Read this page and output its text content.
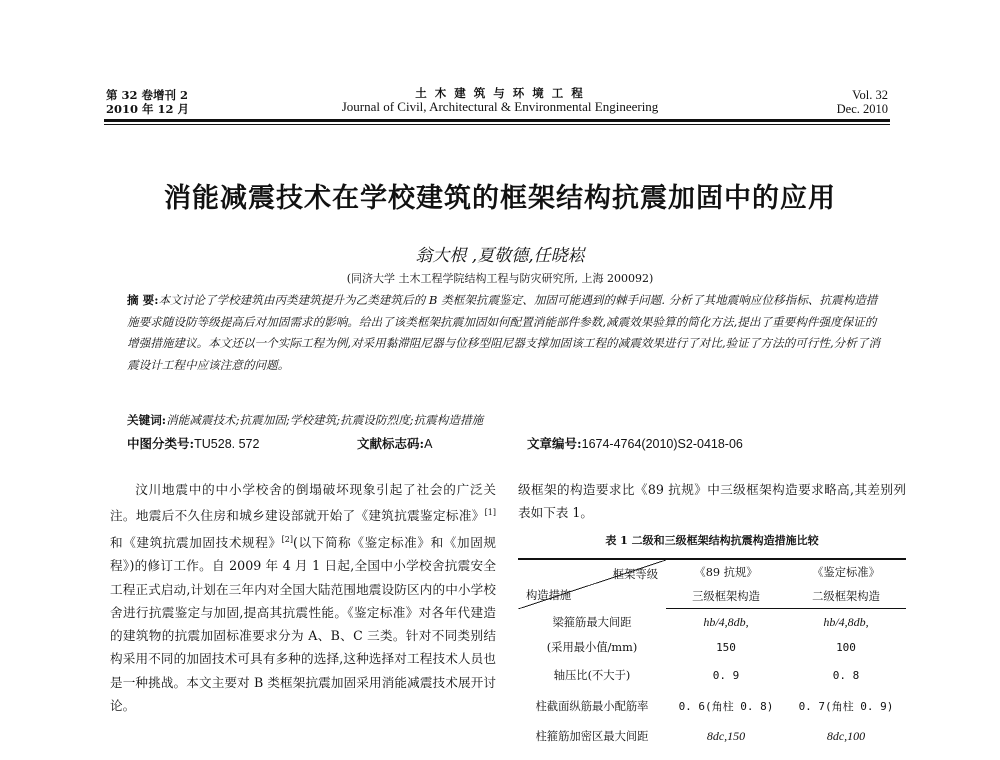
第 32 卷增刊 2
2010 年 12 月
土 木 建 筑 与 环 境 工 程
Journal of Civil, Architectural & Environmental Engineering
Vol. 32
Dec. 2010
消能减震技术在学校建筑的框架结构抗震加固中的应用
翁大根 ,夏敬德,任晓崧
(同济大学 土木工程学院结构工程与防灾研究所, 上海 200092)

摘 要:本文讨论了学校建筑由丙类建筑提升为乙类建筑后的 B 类框架抗震鉴定、加固可能遇到的棘手问题. 分析了其地震响应位移指标、抗震构造措施要求随设防等级提高后对加固需求的影响。给出了该类框架抗震加固如何配置消能部件参数,减震效果验算的简化方法,提出了重要构件强度保证的增强措施建议。本文还以一个实际工程为例,对采用黏滞阻尼器与位移型阻尼器支撑加固该工程的减震效果进行了对比,验证了方法的可行性,分析了消震设计工程中应该注意的问题。

关键词:消能减震技术;抗震加固;学校建筑;抗震设防烈度;抗震构造措施

中图分类号:TU528. 572	文献标志码:A	文章编号:1674-4764(2010)S2-0418-06

汶川地震中的中小学校舍的倒塌破坏现象引起了社会的广泛关注。地震后不久住房和城乡建设部就开始了《建筑抗震鉴定标准》[1]和《建筑抗震加固技术规程》[2](以下简称《鉴定标准》和《加固规程》)的修订工作。自 2009 年 4 月 1 日起,全国中小学校舍抗震安全工程正式启动,计划在三年内对全国大陆范围地震设防区内的中小学校舍进行抗震鉴定与加固,提高其抗震性能。《鉴定标准》对各年代建造的建筑物的抗震加固标准要求分为 A、B、C 三类。针对不同类别结构采用不同的加固技术可具有多种的选择,这种选择对工程技术人员也是一种挑战。本文主要对 B 类框架抗震加固采用消能减震技术展开讨论。

级框架的构造要求比《89 抗规》中三级框架构造要求略高,其差别列表如下表 1。

表 1 二级和三级框架结构抗震构造措施比较
框架等级
构造措施	《89 抗规》	《鉴定标准》
	三级框架构造	二级框架构造
梁箍筋最大间距	hb/4,8db,	hb/4,8db,
(采用最小值/mm)	150	100
轴压比(不大于)	0. 9	0. 8
柱截面纵筋最小配筋率	0. 6(角柱 0. 8)	0. 7(角柱 0. 9)
柱箍筋加密区最大间距	8dc,150	8dc,100
